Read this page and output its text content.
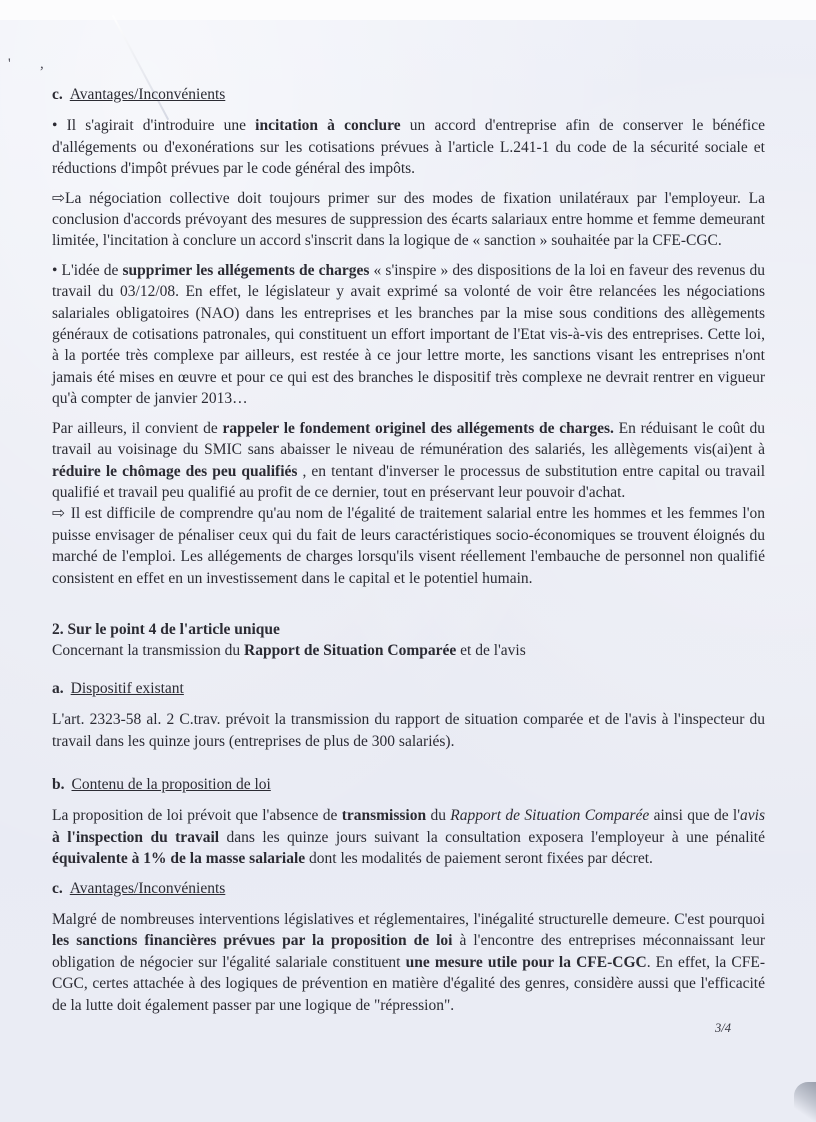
' ,

c. Avantages/Inconvénients

• Il s'agirait d'introduire une incitation à conclure un accord d'entreprise afin de conserver le bénéfice d'allégements ou d'exonérations sur les cotisations prévues à l'article L.241-1 du code de la sécurité sociale et réductions d'impôt prévues par le code général des impôts.

⇨La négociation collective doit toujours primer sur des modes de fixation unilatéraux par l'employeur. La conclusion d'accords prévoyant des mesures de suppression des écarts salariaux entre homme et femme demeurant limitée, l'incitation à conclure un accord s'inscrit dans la logique de « sanction » souhaitée par la CFE-CGC.

• L'idée de supprimer les allégements de charges « s'inspire » des dispositions de la loi en faveur des revenus du travail du 03/12/08. En effet, le législateur y avait exprimé sa volonté de voir être relancées les négociations salariales obligatoires (NAO) dans les entreprises et les branches par la mise sous conditions des allègements généraux de cotisations patronales, qui constituent un effort important de l'Etat vis-à-vis des entreprises. Cette loi, à la portée très complexe par ailleurs, est restée à ce jour lettre morte, les sanctions visant les entreprises n'ont jamais été mises en œuvre et pour ce qui est des branches le dispositif très complexe ne devrait rentrer en vigueur qu'à compter de janvier 2013…

Par ailleurs, il convient de rappeler le fondement originel des allégements de charges. En réduisant le coût du travail au voisinage du SMIC sans abaisser le niveau de rémunération des salariés, les allègements vis(ai)ent à réduire le chômage des peu qualifiés , en tentant d'inverser le processus de substitution entre capital ou travail qualifié et travail peu qualifié au profit de ce dernier, tout en préservant leur pouvoir d'achat.

⇨ Il est difficile de comprendre qu'au nom de l'égalité de traitement salarial entre les hommes et les femmes l'on puisse envisager de pénaliser ceux qui du fait de leurs caractéristiques socio-économiques se trouvent éloignés du marché de l'emploi. Les allégements de charges lorsqu'ils visent réellement l'embauche de personnel non qualifié consistent en effet en un investissement dans le capital et le potentiel humain.

2. Sur le point 4 de l'article unique

Concernant la transmission du Rapport de Situation Comparée et de l'avis

a. Dispositif existant

L'art. 2323-58 al. 2 C.trav. prévoit la transmission du rapport de situation comparée et de l'avis à l'inspecteur du travail dans les quinze jours (entreprises de plus de 300 salariés).

b. Contenu de la proposition de loi

La proposition de loi prévoit que l'absence de transmission du Rapport de Situation Comparée ainsi que de l'avis à l'inspection du travail dans les quinze jours suivant la consultation exposera l'employeur à une pénalité équivalente à 1% de la masse salariale dont les modalités de paiement seront fixées par décret.

c. Avantages/Inconvénients

Malgré de nombreuses interventions législatives et réglementaires, l'inégalité structurelle demeure. C'est pourquoi les sanctions financières prévues par la proposition de loi à l'encontre des entreprises méconnaissant leur obligation de négocier sur l'égalité salariale constituent une mesure utile pour la CFE-CGC. En effet, la CFE-CGC, certes attachée à des logiques de prévention en matière d'égalité des genres, considère aussi que l'efficacité de la lutte doit également passer par une logique de "répression".

3/4
